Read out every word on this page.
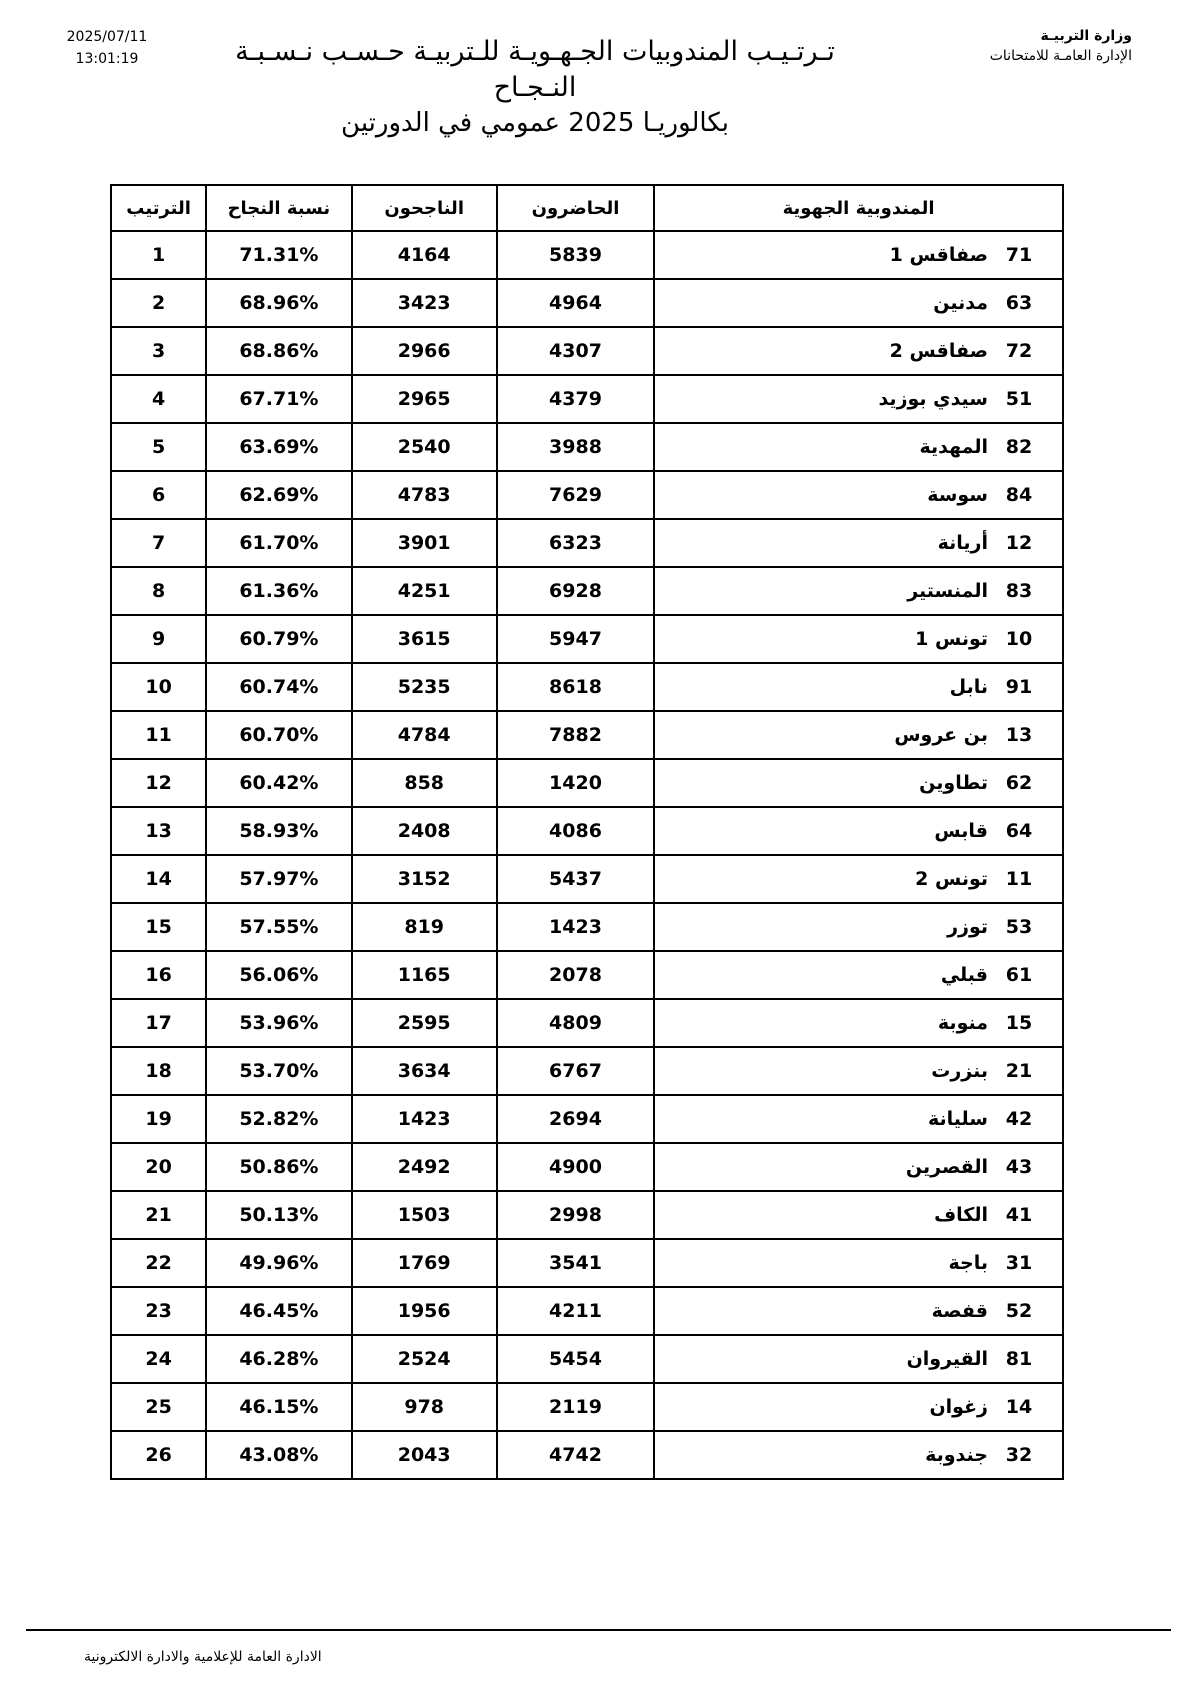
وزارة التربيـة
الإدارة العامـة للامتحانات
2025/07/11
13:01:19	تـرتـيـب المندوبيات الجـهـويـة للـتربيـة حـسـب نـسـبـة النـجـاح
بكالوريـا 2025 عمومي في الدورتين
المندوبية الجهوية	الحاضرون	الناجحون	نسبة النجاح	الترتيب
71صفاقس 1	5839	4164	71.31%	1
63مدنين	4964	3423	68.96%	2
72صفاقس 2	4307	2966	68.86%	3
51سيدي بوزيد	4379	2965	67.71%	4
82المهدية	3988	2540	63.69%	5
84سوسة	7629	4783	62.69%	6
12أريانة	6323	3901	61.70%	7
83المنستير	6928	4251	61.36%	8
10تونس 1	5947	3615	60.79%	9
91نابل	8618	5235	60.74%	10
13بن عروس	7882	4784	60.70%	11
62تطاوين	1420	858	60.42%	12
64قابس	4086	2408	58.93%	13
11تونس 2	5437	3152	57.97%	14
53توزر	1423	819	57.55%	15
61قبلي	2078	1165	56.06%	16
15منوبة	4809	2595	53.96%	17
21بنزرت	6767	3634	53.70%	18
42سليانة	2694	1423	52.82%	19
43القصرين	4900	2492	50.86%	20
41الكاف	2998	1503	50.13%	21
31باجة	3541	1769	49.96%	22
52قفصة	4211	1956	46.45%	23
81القيروان	5454	2524	46.28%	24
14زغوان	2119	978	46.15%	25
32جندوبة	4742	2043	43.08%	26
الادارة العامة للإعلامية والادارة الالكترونية
